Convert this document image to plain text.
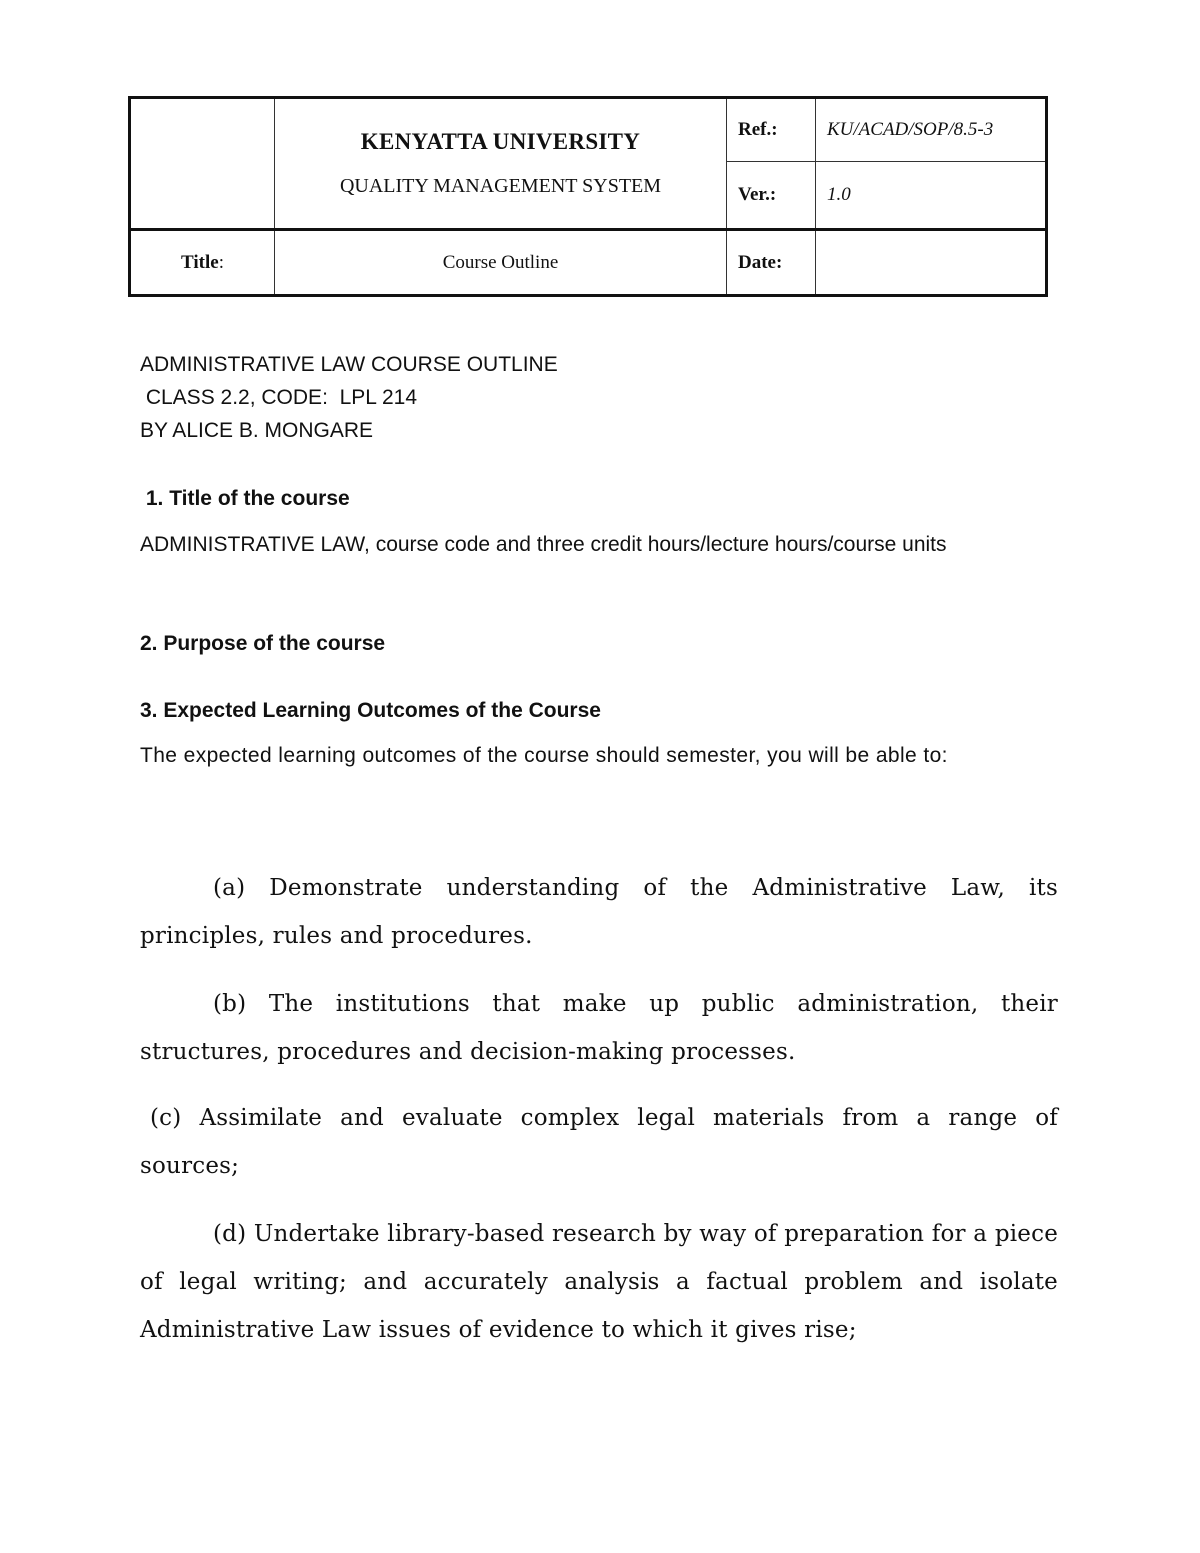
	KENYATTA UNIVERSITY
QUALITY MANAGEMENT SYSTEM	Ref.:	KU/ACAD/SOP/8.5-3
		Ver.:	1.0
Title:	Course Outline	Date:	

ADMINISTRATIVE LAW COURSE OUTLINE

CLASS 2.2, CODE:  LPL 214

BY ALICE B. MONGARE

1. Title of the course
ADMINISTRATIVE LAW, course code and three credit hours/lecture hours/course units
2. Purpose of the course
3. Expected Learning Outcomes of the Course
The expected learning outcomes of the course should semester, you will be able to:
(a) Demonstrate understanding of the Administrative Law, its principles, rules and procedures.
(b) The institutions that make up public administration, their structures, procedures and decision-making processes.
(c) Assimilate and evaluate complex legal materials from a range of sources;
(d) Undertake library-based research by way of preparation for a piece of legal writing; and accurately analysis a factual problem and isolate Administrative Law issues of evidence to which it gives rise;
